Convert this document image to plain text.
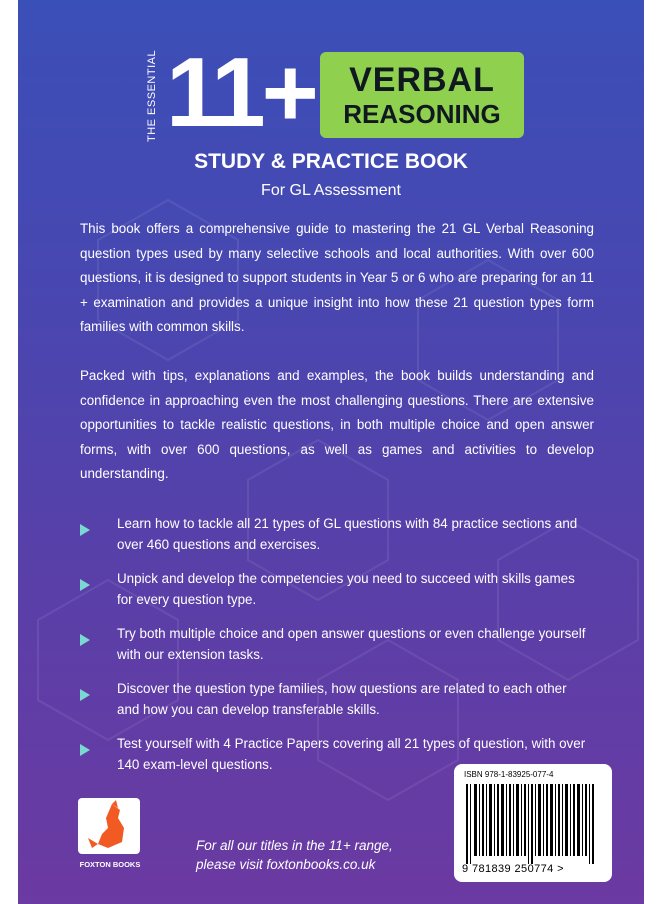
THE ESSENTIAL 11+ VERBAL
REASONING
STUDY & PRACTICE BOOK
For GL Assessment

This book offers a comprehensive guide to mastering the 21 GL Verbal Reasoning question types used by many selective schools and local authorities. With over 600 questions, it is designed to support students in Year 5 or 6 who are preparing for an 11 + examination and provides a unique insight into how these 21 question types form families with common skills.

Packed with tips, explanations and examples, the book builds understanding and confidence in approaching even the most challenging questions. There are extensive opportunities to tackle realistic questions, in both multiple choice and open answer forms, with over 600 questions, as well as games and activities to develop understanding.

Learn how to tackle all 21 types of GL questions with 84 practice sections and over 460 questions and exercises.
Unpick and develop the competencies you need to succeed with skills games for every question type.
Try both multiple choice and open answer questions or even challenge yourself with our extension tasks.
Discover the question type families, how questions are related to each other and how you can develop transferable skills.
Test yourself with 4 Practice Papers covering all 21 types of question, with over 140 exam-level questions.
FOXTON BOOKS
For all our titles in the 11+ range,
please visit foxtonbooks.co.uk
ISBN 978-1-83925-077-4
9 781839 250774 >
